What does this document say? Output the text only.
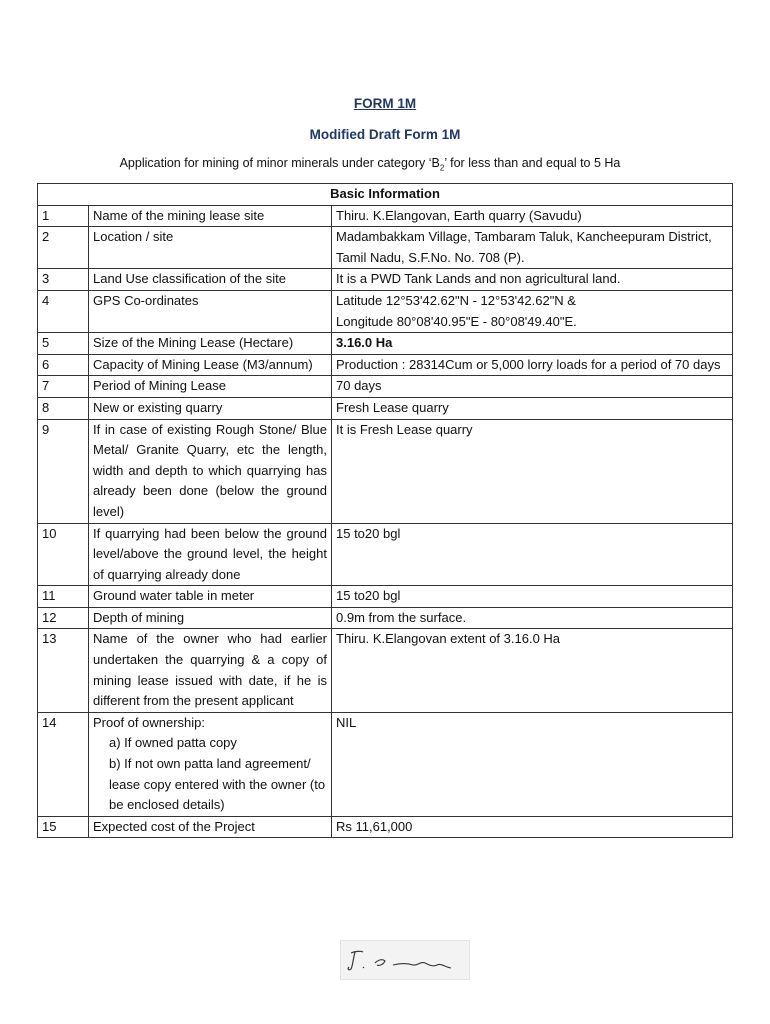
FORM 1M
Modified Draft Form 1M
Application for mining of minor minerals under category ‘$B_2$’ for less than and equal to 5 Ha
Basic Information		
1	Name of the mining lease site	Thiru. K.Elangovan, Earth quarry (Savudu)
2	Location / site	Madambakkam Village, Tambaram Taluk, Kancheepuram District, Tamil Nadu, S.F.No. No. 708 (P).
3	Land Use classification of the site	It is a PWD Tank Lands and non agricultural land.
4	GPS Co-ordinates	Latitude 12°53'42.62"N - 12°53'42.62"N &
Longitude 80°08'40.95"E - 80°08'49.40"E.

5	Size of the Mining Lease (Hectare)	3.16.0 Ha
6	Capacity of Mining Lease (M3/annum)	Production : 28314Cum or 5,000 lorry loads for a period of 70 days
7	Period of Mining Lease	70 days
8	New or existing quarry	Fresh Lease quarry
9	If in case of existing Rough Stone/ Blue Metal/ Granite Quarry, etc the length, width and depth to which quarrying has already been done (below the ground level)	It is Fresh Lease quarry
10	If quarrying had been below the ground level/above the ground level, the height of quarrying already done	15 to20 bgl
11	Ground water table in meter	15 to20 bgl
12	Depth of mining	0.9m from the surface.
13	Name of the owner who had earlier undertaken the quarrying & a copy of mining lease issued with date, if he is different from the present applicant	Thiru. K.Elangovan extent of 3.16.0 Ha
14	Proof of ownership:
a) If owned patta copy
b) If not own patta land agreement/ lease copy entered with the owner (to be enclosed details)	NIL
15	Expected cost of the Project	Rs 11,61,000
